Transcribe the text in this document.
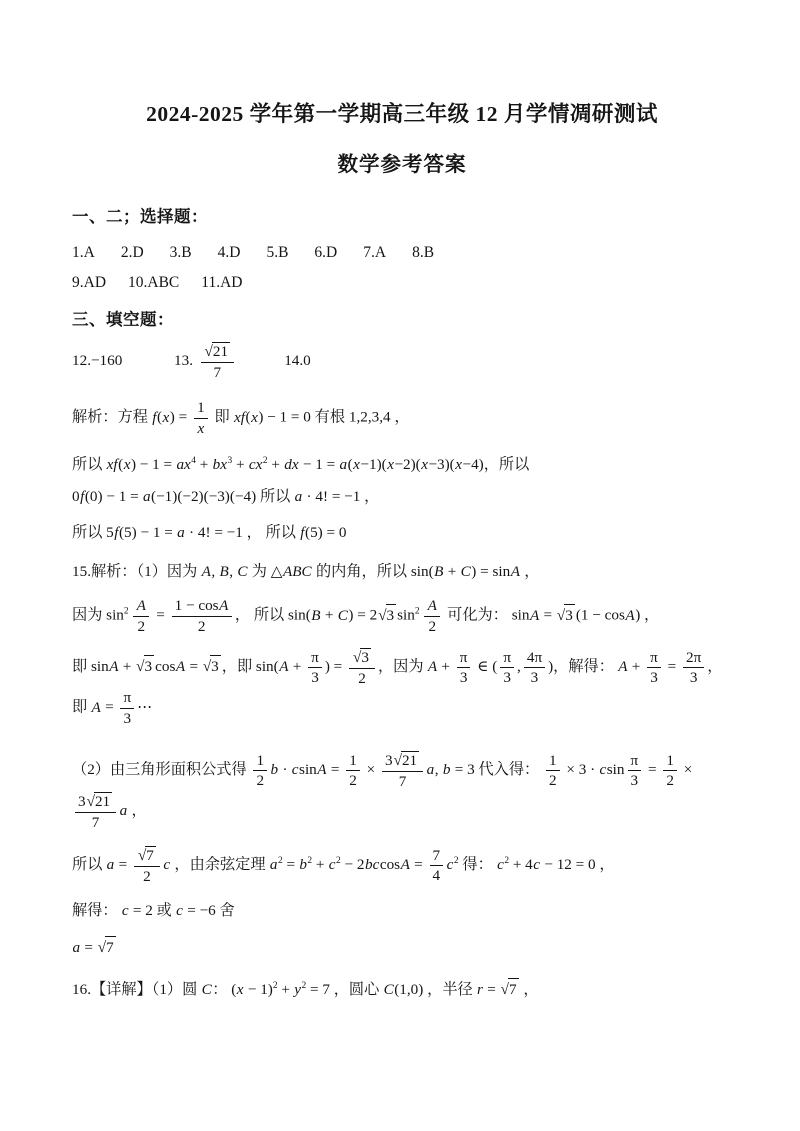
2024-2025 学年第一学期高三年级 12 月学情凋研测试
数学参考答案
一、二；选择题：
1.A 2.D 3.B 4.D 5.B 6.D 7.A 8.B
9.AD 10.ABC 11.AD
三、填空题：
12.−160	13. $\frac{√21}{7}$	14.0
解析：方程 $f(x) = \frac{1}{x}$ 即 xf(x) − 1 = 0 有根 1,2,3,4 ，
所以 $xf(x) - 1 = ax^4 + bx^3 + cx^2$ + dx − 1 = a(x−1)(x−2)(x−3)(x−4)，所以
0f(0) − 1 = a(−1)(−2)(−3)(−4) 所以 a · 4! = −1 ，
所以 5f(5) − 1 = a · 4! = −1 ， 所以 f(5) = 0
15.解析：（1）因为 A, B, C 为 △ABC 的内角，所以 sin(B + C) = sinA ，
因为 $\sin^2 \frac{A}{2} = \frac{1 - \cos A}{2}$ ， 所以 sin(B + C) = 2√3 $\sin^2 \frac{A}{2}$ 可化为： sinA = √3 (1 − cosA) ，
即 sinA + √3 cosA = √3 ，即 $\sin(A + \frac{\pi}{3}$ ) = $\frac{√3}{2}$ ，因为 $A + \frac{\pi}{3}$ ∈ ( $\frac{\pi}{3}$ , $\frac{4\pi}{3}$ )，解得： $A + \frac{\pi}{3} = \frac{2\pi}{3}$ ，即 $A = \frac{\pi}{3}$ ⋯
（2）由三角形面积公式得 $\frac{1}{2}$ $b \cdot csinA = \frac{1}{2} \times \frac{3√21}{7} a$, b = 3 代入得： $\frac{1}{2} \times 3 \cdot csin \frac{\pi}{3} = \frac{1}{2}$ ×
$\frac{3√21}{7}$ a ，
所以 $a = \frac{√7}{2}$ c ，由余弦定理 $a^2 = b^2 + c^2 - 2bccosA = \frac{7}{4} c^2$ 得： $c^2 + 4c - 12 = 0$ ，
解得： c = 2 或 c = −6 舍
a = √7
16.【详解】（1）圆 C： $(x - 1)^2 + y^2 = 7$ ，圆心 C(1,0) ，半径 r = √7 ，
